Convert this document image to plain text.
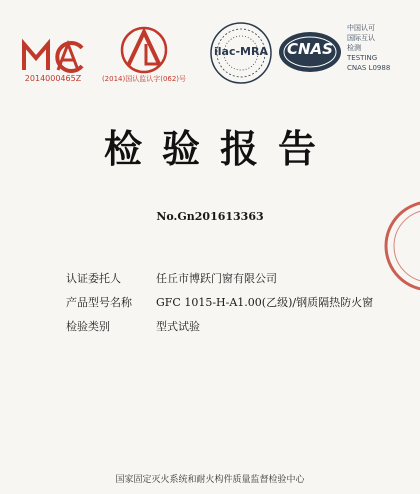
2014000465Z	(2014)国认监认字(062)号
ilac-MRA	CNAS
中国认可
国际互认
检测
TESTING
CNAS L0988
检验报告
No.Gn201613363
认证委托人	任丘市博跃门窗有限公司
产品型号名称	GFC 1015-H-A1.00(乙级)/钢质隔热防火窗
检验类别	型式试验
国家固定灭火系统和耐火构件质量监督检验中心
